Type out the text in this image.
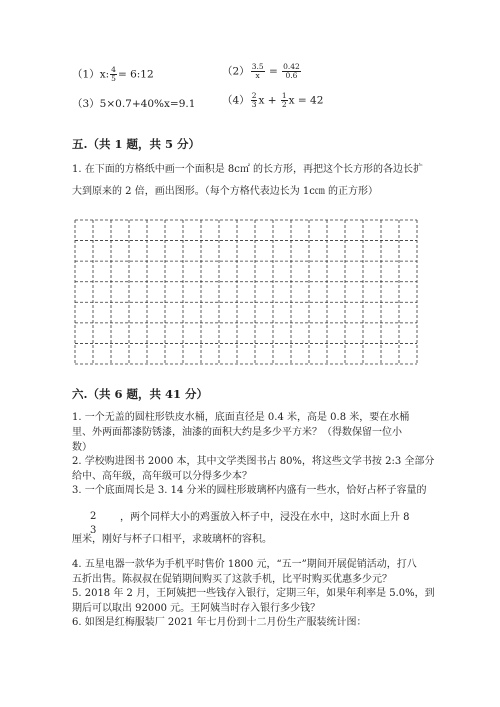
（1）x: $\frac{4}{5}$ = 6:12	$(2) \frac{3.5}{x} = \frac{0.42}{0.6}$
（3）5×0.7+40%x=9.1	$(4) \frac{2}{3}$ $x + \frac{1}{2}$ x = 42
五.（共 1 题，共 5 分）
1. 在下面的方格纸中画一个面积是 8c㎡ 的长方形，再把这个长方形的各边长扩
大到原来的 2 倍，画出图形。（每个方格代表边长为 1c㎝ 的正方形）
六.（共 6 题，共 41 分）
1. 一个无盖的圆柱形铁皮水桶，底面直径是 0.4 米，高是 0.8 米，要在水桶
里、外两面都漆防锈漆，油漆的面积大约是多少平方米？（得数保留一位小
数）
2. 学校购进图书 2000 本，其中文学类图书占 80%，将这些文学书按 2:3 全部分
给中、高年级，高年级可以分得多少本？
3. 一个底面周长是 3. 14 分米的圆柱形玻璃杯内盛有一些水，恰好占杯子容量的
2
3
，两个同样大小的鸡蛋放入杯子中，浸没在水中，这时水面上升 8
厘米，刚好与杯子口相平，求玻璃杯的容积。
4. 五星电器一款华为手机平时售价 1800 元，“五一”期间开展促销活动，打八
五折出售。陈叔叔在促销期间购买了这款手机，比平时购买优惠多少元？
5. 2018 年 2 月，王阿姨把一些钱存入银行，定期三年，如果年利率是 5.0%，到
期后可以取出 92000 元。王阿姨当时存入银行多少钱？
6. 如图是红梅服装厂 2021 年七月份到十二月份生产服装统计图：
